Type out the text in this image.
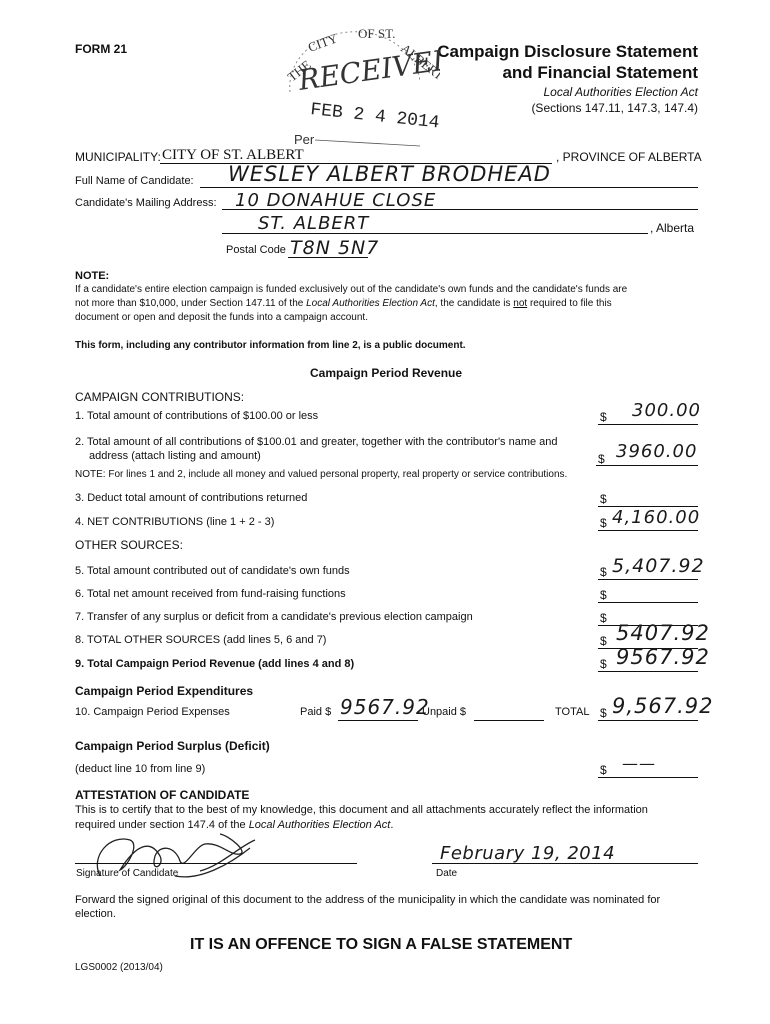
FORM 21	Campaign Disclosure Statement
and Financial Statement
Local Authorities Election Act
(Sections 147.11, 147.3, 147.4)
THE
CITY OF ST.
ALBERT
RECEIVED
FEB 2 4 2014
Per
MUNICIPALITY: CITY OF ST. ALBERT	, PROVINCE OF ALBERTA
Full Name of Candidate: WESLEY ALBERT BRODHEAD
Candidate's Mailing Address: 10 DONAHUE CLOSE
ST. ALBERT	, Alberta
Postal Code T8N 5N7
NOTE:
If a candidate's entire election campaign is funded exclusively out of the candidate's own funds and the candidate's funds are
not more than $10,000, under Section 147.11 of the Local Authorities Election Act, the candidate is not required to file this
document or open and deposit the funds into a campaign account.
This form, including any contributor information from line 2, is a public document.
Campaign Period Revenue
CAMPAIGN CONTRIBUTIONS:
1. Total amount of contributions of $100.00 or less	$ 300.00
2. Total amount of all contributions of $100.01 and greater, together with the contributor's name and
address (attach listing and amount)	$ 3960.00
NOTE: For lines 1 and 2, include all money and valued personal property, real property or service contributions.
3. Deduct total amount of contributions returned	$
4. NET CONTRIBUTIONS (line 1 + 2 - 3)	$ 4,160.00
OTHER SOURCES:
5. Total amount contributed out of candidate's own funds	$ 5,407.92
6. Total net amount received from fund-raising functions	$
7. Transfer of any surplus or deficit from a candidate's previous election campaign	$
8. TOTAL OTHER SOURCES (add lines 5, 6 and 7)	$ 5407.92
9. Total Campaign Period Revenue (add lines 4 and 8)	$ 9567.92
Campaign Period Expenditures
10. Campaign Period Expenses	Paid $ 9567.92
Unpaid $	TOTAL $ 9,567.92
Campaign Period Surplus (Deficit)
(deduct line 10 from line 9)	$ ——
ATTESTATION OF CANDIDATE
This is to certify that to the best of my knowledge, this document and all attachments accurately reflect the information
required under section 147.4 of the Local Authorities Election Act.
Signature of Candidate
February 19, 2014
Date
Forward the signed original of this document to the address of the municipality in which the candidate was nominated for
election.
IT IS AN OFFENCE TO SIGN A FALSE STATEMENT
LGS0002 (2013/04)
